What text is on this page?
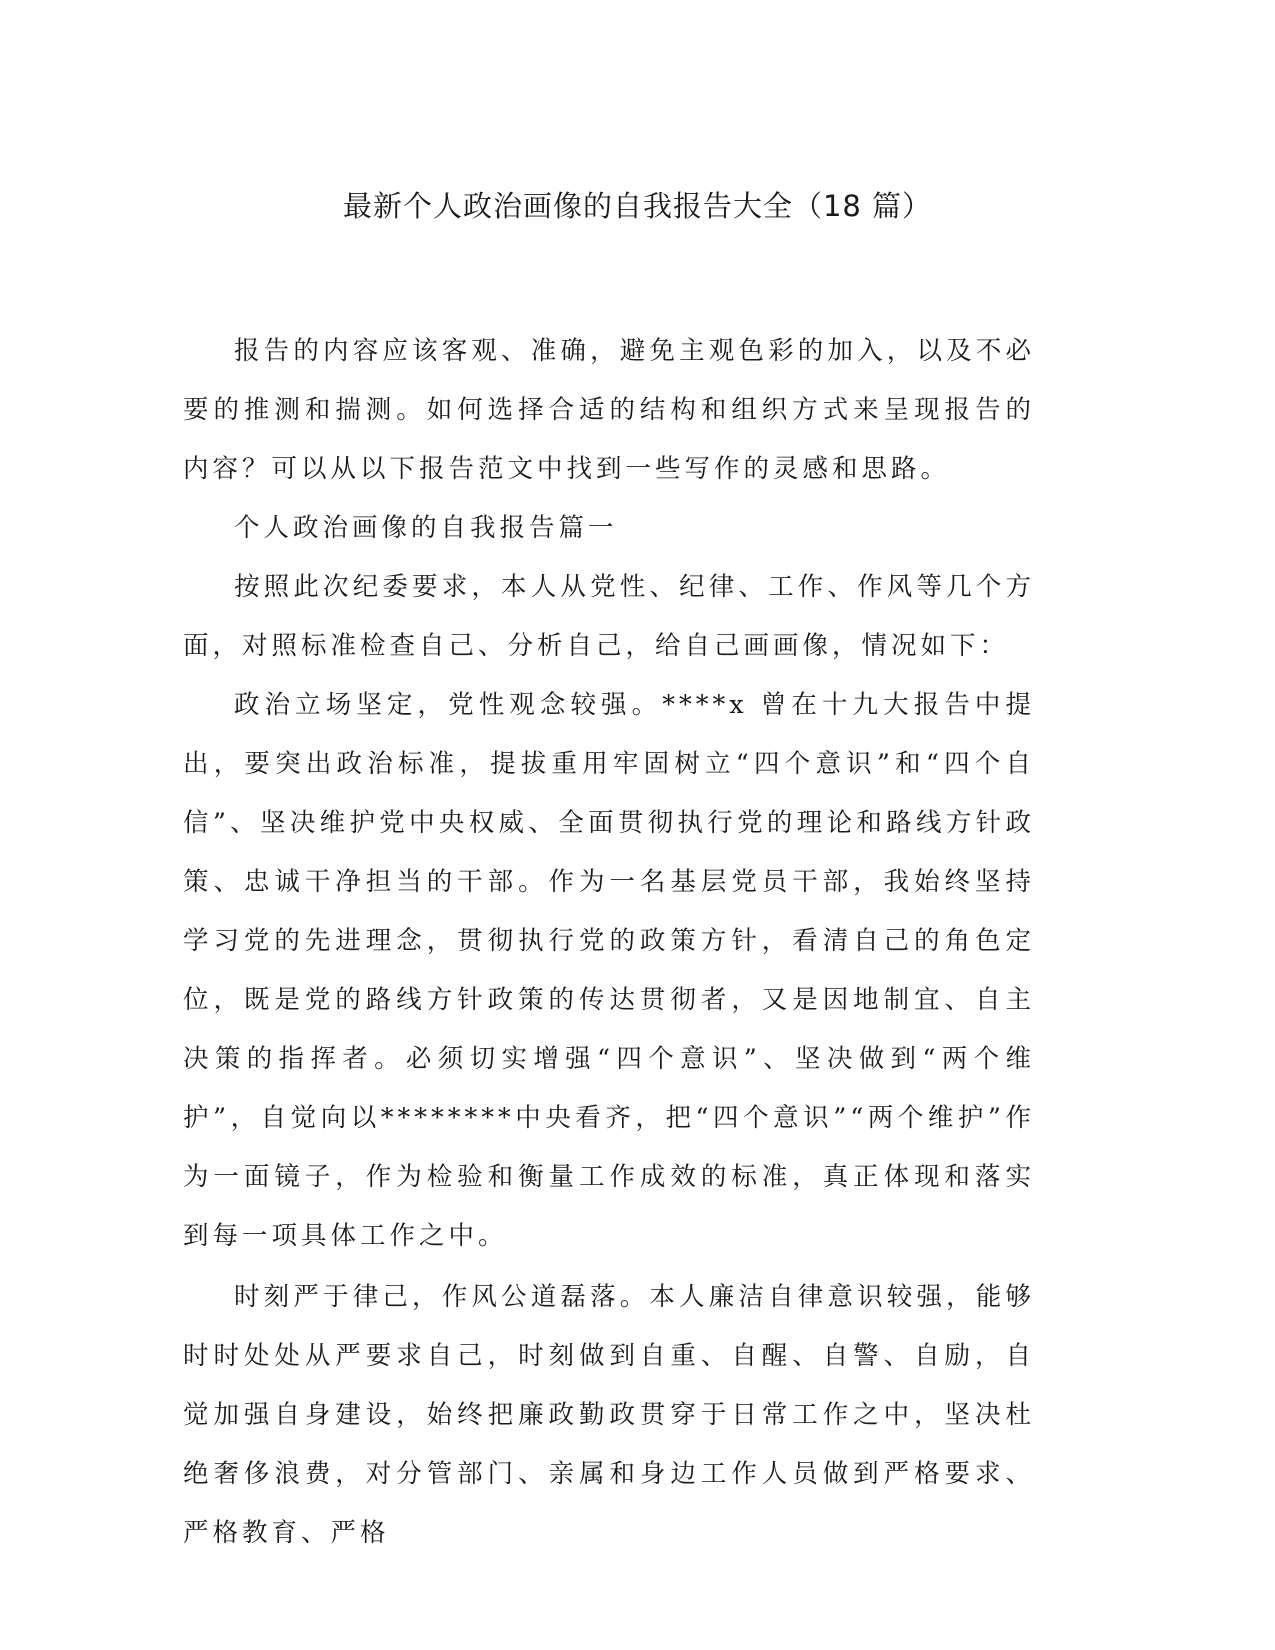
最新个人政治画像的自我报告大全（18 篇）

报告的内容应该客观、准确，避免主观色彩的加入，以及不必要的推测和揣测。如何选择合适的结构和组织方式来呈现报告的内容？可以从以下报告范文中找到一些写作的灵感和思路。

个人政治画像的自我报告篇一

按照此次纪委要求，本人从党性、纪律、工作、作风等几个方面，对照标准检查自己、分析自己，给自己画画像，情况如下：

政治立场坚定，党性观念较强。****x 曾在十九大报告中提出，要突出政治标准，提拔重用牢固树立“四个意识”和“四个自信”、坚决维护党中央权威、全面贯彻执行党的理论和路线方针政策、忠诚干净担当的干部。作为一名基层党员干部，我始终坚持学习党的先进理念，贯彻执行党的政策方针，看清自己的角色定位，既是党的路线方针政策的传达贯彻者，又是因地制宜、自主决策的指挥者。必须切实增强“四个意识”、坚决做到“两个维护”，自觉向以********中央看齐，把“四个意识”“两个维护”作为一面镜子，作为检验和衡量工作成效的标准，真正体现和落实到每一项具体工作之中。

时刻严于律己，作风公道磊落。本人廉洁自律意识较强，能够时时处处从严要求自己，时刻做到自重、自醒、自警、自励，自觉加强自身建设，始终把廉政勤政贯穿于日常工作之中，坚决杜绝奢侈浪费，对分管部门、亲属和身边工作人员做到严格要求、严格教育、严格
